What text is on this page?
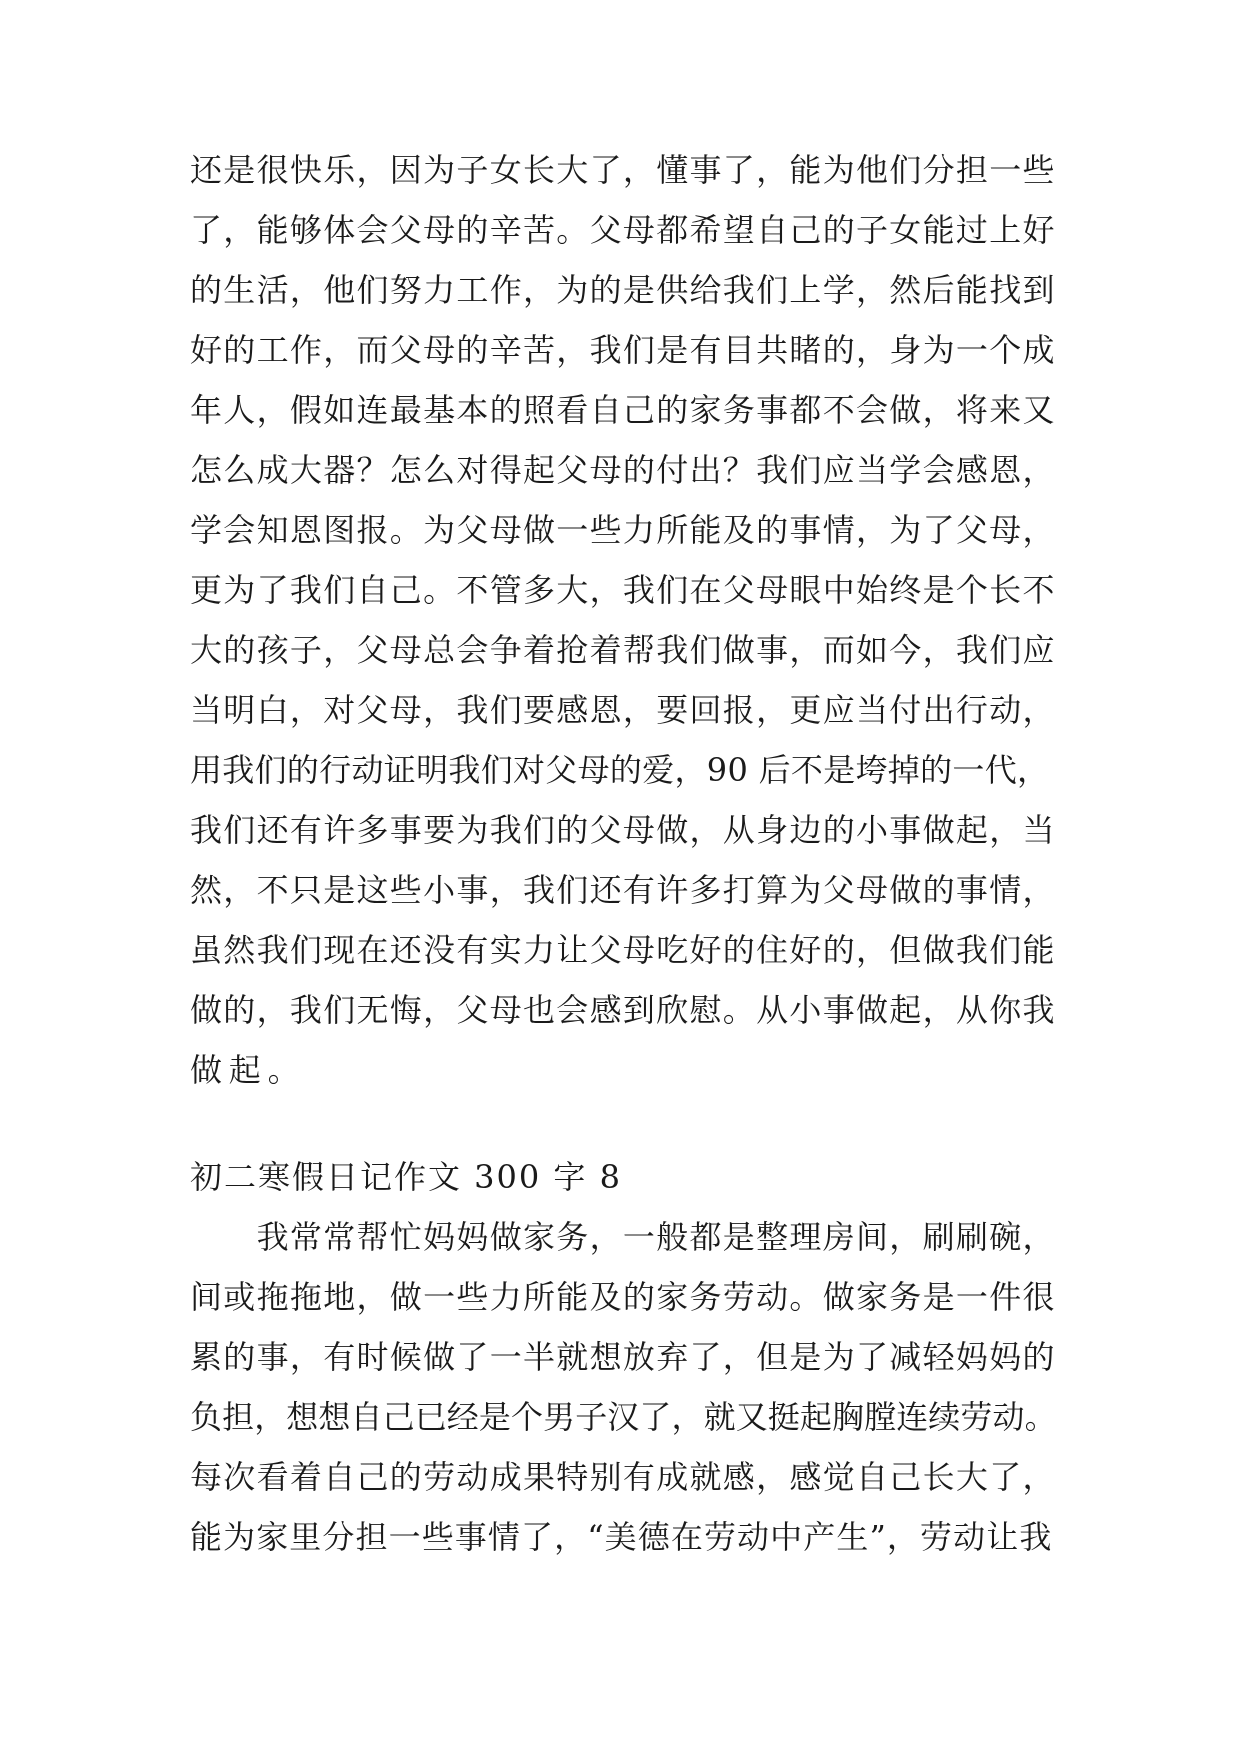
还是很快乐，因为子女长大了，懂事了，能为他们分担一些
了，能够体会父母的辛苦。父母都希望自己的子女能过上好
的生活，他们努力工作，为的是供给我们上学，然后能找到
好的工作，而父母的辛苦，我们是有目共睹的，身为一个成
年人，假如连最基本的照看自己的家务事都不会做，将来又
怎么成大器？怎么对得起父母的付出？我们应当学会感恩，
学会知恩图报。为父母做一些力所能及的事情，为了父母，
更为了我们自己。不管多大，我们在父母眼中始终是个长不
大的孩子，父母总会争着抢着帮我们做事，而如今，我们应
当明白，对父母，我们要感恩，要回报，更应当付出行动，
用我们的行动证明我们对父母的爱，90 后不是垮掉的一代，
我们还有许多事要为我们的父母做，从身边的小事做起，当
然，不只是这些小事，我们还有许多打算为父母做的事情，
虽然我们现在还没有实力让父母吃好的住好的，但做我们能
做的，我们无悔，父母也会感到欣慰。从小事做起，从你我
做起。
初二寒假日记作文 300 字 8
　　我常常帮忙妈妈做家务，一般都是整理房间，刷刷碗，
间或拖拖地，做一些力所能及的家务劳动。做家务是一件很
累的事，有时候做了一半就想放弃了，但是为了减轻妈妈的
负担，想想自己已经是个男子汉了，就又挺起胸膛连续劳动。
每次看着自己的劳动成果特别有成就感，感觉自己长大了，
能为家里分担一些事情了，“美德在劳动中产生”，劳动让我
